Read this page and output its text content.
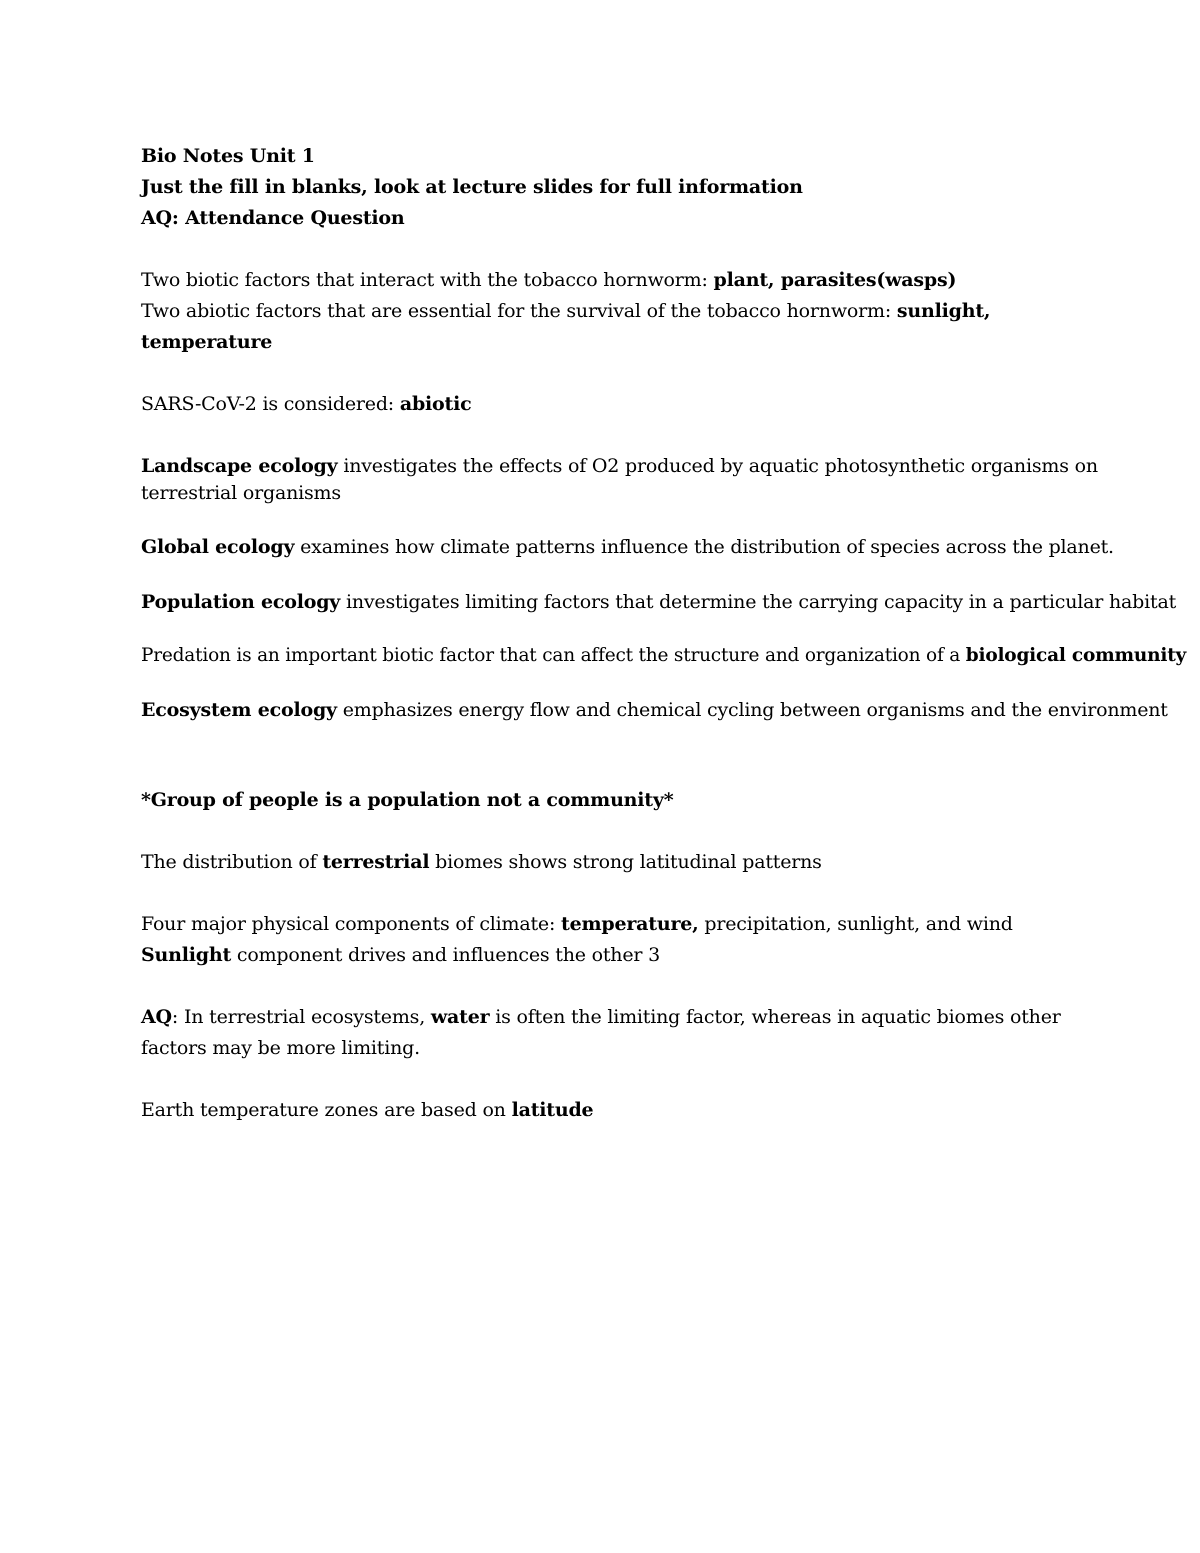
Bio Notes Unit 1

Just the fill in blanks, look at lecture slides for full information

AQ: Attendance Question

Two biotic factors that interact with the tobacco hornworm: plant, parasites(wasps)

Two abiotic factors that are essential for the survival of the tobacco hornworm: sunlight,

temperature

SARS-CoV-2 is considered: abiotic

Landscape ecology investigates the effects of O2 produced by aquatic photosynthetic organisms on

terrestrial organisms

Global ecology examines how climate patterns influence the distribution of species across the planet.

Population ecology investigates limiting factors that determine the carrying capacity in a particular habitat

Predation is an important biotic factor that can affect the structure and organization of a biological community

Ecosystem ecology emphasizes energy flow and chemical cycling between organisms and the environment

*Group of people is a population not a community*

The distribution of terrestrial biomes shows strong latitudinal patterns

Four major physical components of climate: temperature, precipitation, sunlight, and wind

Sunlight component drives and influences the other 3

AQ: In terrestrial ecosystems, water is often the limiting factor, whereas in aquatic biomes other

factors may be more limiting.

Earth temperature zones are based on latitude
